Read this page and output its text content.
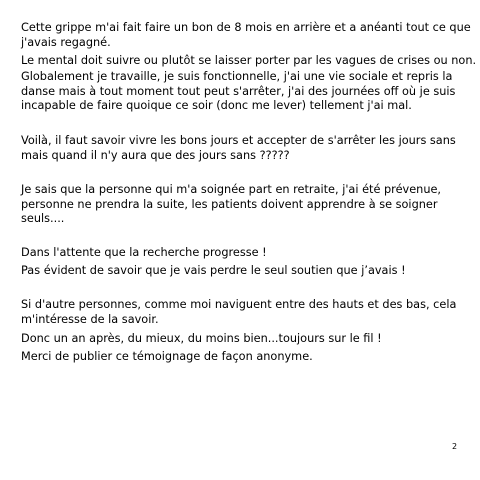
Cette grippe m'ai fait faire un bon de 8 mois en arrière et a anéanti tout ce que
j'avais regagné.

Le mental doit suivre ou plutôt se laisser porter par les vagues de crises ou non.

Globalement je travaille, je suis fonctionnelle, j'ai une vie sociale et repris la
danse mais à tout moment tout peut s'arrêter, j'ai des journées off où je suis
incapable de faire quoique ce soir (donc me lever) tellement j'ai mal.

Voilà, il faut savoir vivre les bons jours et accepter de s'arrêter les jours sans
mais quand il n'y aura que des jours sans ?????

Je sais que la personne qui m'a soignée part en retraite, j'ai été prévenue,
personne ne prendra la suite, les patients doivent apprendre à se soigner
seuls....

Dans l'attente que la recherche progresse !

Pas évident de savoir que je vais perdre le seul soutien que j’avais !

Si d'autre personnes, comme moi naviguent entre des hauts et des bas, cela
m'intéresse de la savoir.

Donc un an après, du mieux, du moins bien...toujours sur le fil !

Merci de publier ce témoignage de façon anonyme.

2
